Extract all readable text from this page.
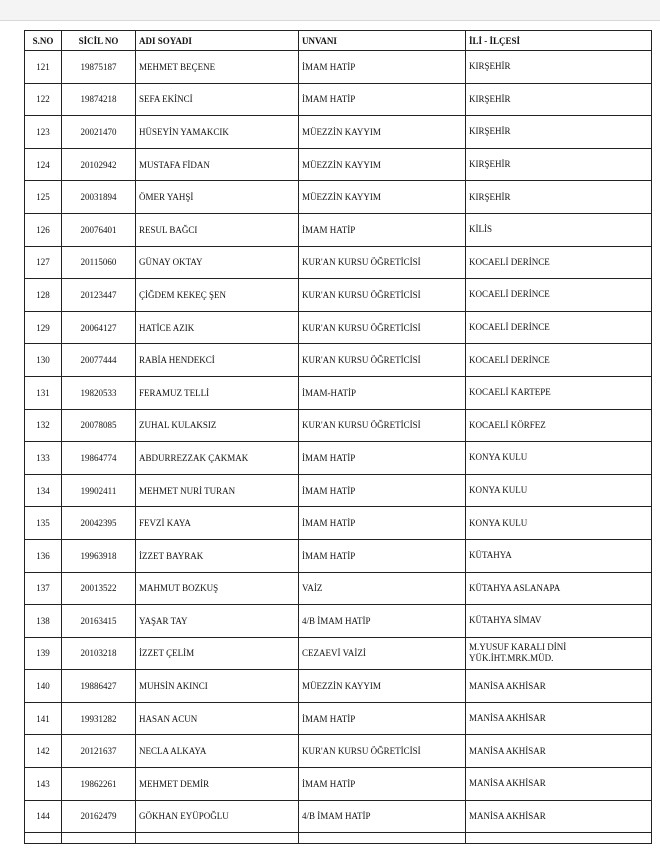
S.NO	SİCİL NO	ADI SOYADI	UNVANI	İLİ - İLÇESİ
121	19875187	MEHMET BEÇENE	İMAM HATİP	KIRŞEHİR
122	19874218	SEFA EKİNCİ	İMAM HATİP	KIRŞEHİR
123	20021470	HÜSEYİN YAMAKCIK	MÜEZZİN KAYYIM	KIRŞEHİR
124	20102942	MUSTAFA FİDAN	MÜEZZİN KAYYIM	KIRŞEHİR
125	20031894	ÖMER YAHŞİ	MÜEZZİN KAYYIM	KIRŞEHİR
126	20076401	RESUL BAĞCI	İMAM HATİP	KİLİS
127	20115060	GÜNAY OKTAY	KUR'AN KURSU ÖĞRETİCİSİ	KOCAELİ DERİNCE
128	20123447	ÇİĞDEM KEKEÇ ŞEN	KUR'AN KURSU ÖĞRETİCİSİ	KOCAELİ DERİNCE
129	20064127	HATİCE AZIK	KUR'AN KURSU ÖĞRETİCİSİ	KOCAELİ DERİNCE
130	20077444	RABİA HENDEKCİ	KUR'AN KURSU ÖĞRETİCİSİ	KOCAELİ DERİNCE
131	19820533	FERAMUZ TELLİ	İMAM-HATİP	KOCAELİ KARTEPE
132	20078085	ZUHAL KULAKSIZ	KUR'AN KURSU ÖĞRETİCİSİ	KOCAELİ KÖRFEZ
133	19864774	ABDURREZZAK ÇAKMAK	İMAM HATİP	KONYA KULU
134	19902411	MEHMET NURİ TURAN	İMAM HATİP	KONYA KULU
135	20042395	FEVZİ KAYA	İMAM HATİP	KONYA KULU
136	19963918	İZZET BAYRAK	İMAM HATİP	KÜTAHYA
137	20013522	MAHMUT BOZKUŞ	VAİZ	KÜTAHYA ASLANAPA
138	20163415	YAŞAR TAY	4/B İMAM HATİP	KÜTAHYA SİMAV
139	20103218	İZZET ÇELİM	CEZAEVİ VAİZİ	M.YUSUF KARALI DİNİ YÜK.İHT.MRK.MÜD.
140	19886427	MUHSİN AKINCI	MÜEZZİN KAYYIM	MANİSA AKHİSAR
141	19931282	HASAN ACUN	İMAM HATİP	MANİSA AKHİSAR
142	20121637	NECLA ALKAYA	KUR'AN KURSU ÖĞRETİCİSİ	MANİSA AKHİSAR
143	19862261	MEHMET DEMİR	İMAM HATİP	MANİSA AKHİSAR
144	20162479	GÖKHAN EYÜPOĞLU	4/B İMAM HATİP	MANİSA AKHİSAR
